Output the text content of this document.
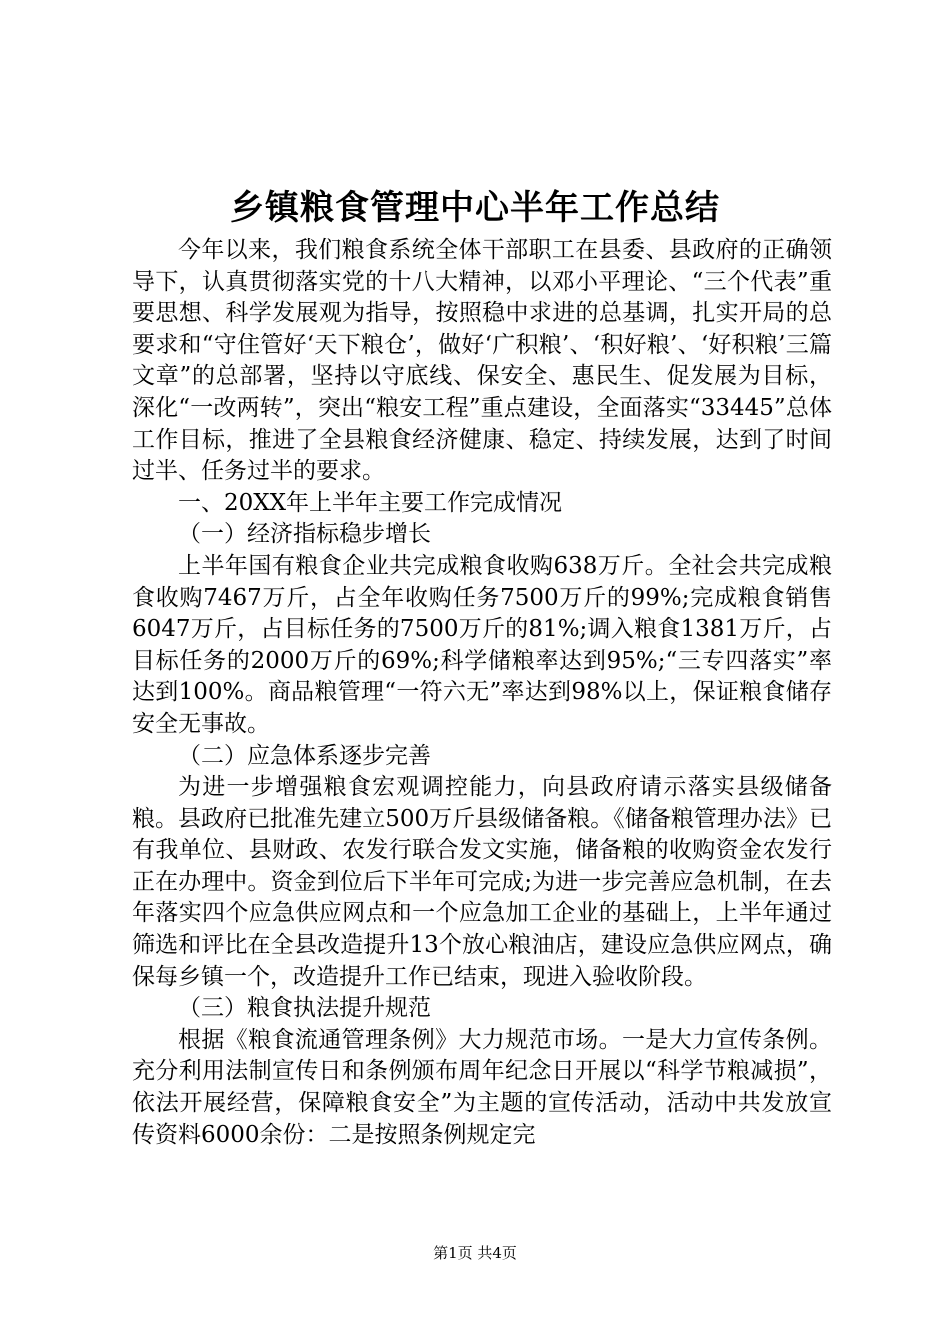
乡镇粮食管理中心半年工作总结

今年以来，我们粮食系统全体干部职工在县委、县政府的正确领导下，认真贯彻落实党的十八大精神，以邓小平理论、“三个代表”重要思想、科学发展观为指导，按照稳中求进的总基调，扎实开局的总要求和“守住管好‘天下粮仓’，做好‘广积粮’、‘积好粮’、‘好积粮’三篇文章”的总部署，坚持以守底线、保安全、惠民生、促发展为目标，深化“一改两转”，突出“粮安工程”重点建设，全面落实“33445”总体工作目标，推进了全县粮食经济健康、稳定、持续发展，达到了时间过半、任务过半的要求。

一、20XX年上半年主要工作完成情况

（一）经济指标稳步增长

上半年国有粮食企业共完成粮食收购638万斤。全社会共完成粮食收购7467万斤，占全年收购任务7500万斤的99%;完成粮食销售6047万斤，占目标任务的7500万斤的81%;调入粮食1381万斤，占目标任务的2000万斤的69%;科学储粮率达到95%;“三专四落实”率达到100%。商品粮管理“一符六无”率达到98%以上，保证粮食储存安全无事故。

（二）应急体系逐步完善

为进一步增强粮食宏观调控能力，向县政府请示落实县级储备粮。县政府已批准先建立500万斤县级储备粮。《储备粮管理办法》已有我单位、县财政、农发行联合发文实施，储备粮的收购资金农发行正在办理中。资金到位后下半年可完成;为进一步完善应急机制，在去年落实四个应急供应网点和一个应急加工企业的基础上，上半年通过筛选和评比在全县改造提升13个放心粮油店，建设应急供应网点，确保每乡镇一个，改造提升工作已结束，现进入验收阶段。

（三）粮食执法提升规范

根据《粮食流通管理条例》大力规范市场。一是大力宣传条例。充分利用法制宣传日和条例颁布周年纪念日开展以“科学节粮减损”，依法开展经营，保障粮食安全”为主题的宣传活动，活动中共发放宣传资料6000余份：二是按照条例规定完

第1页 共4页
